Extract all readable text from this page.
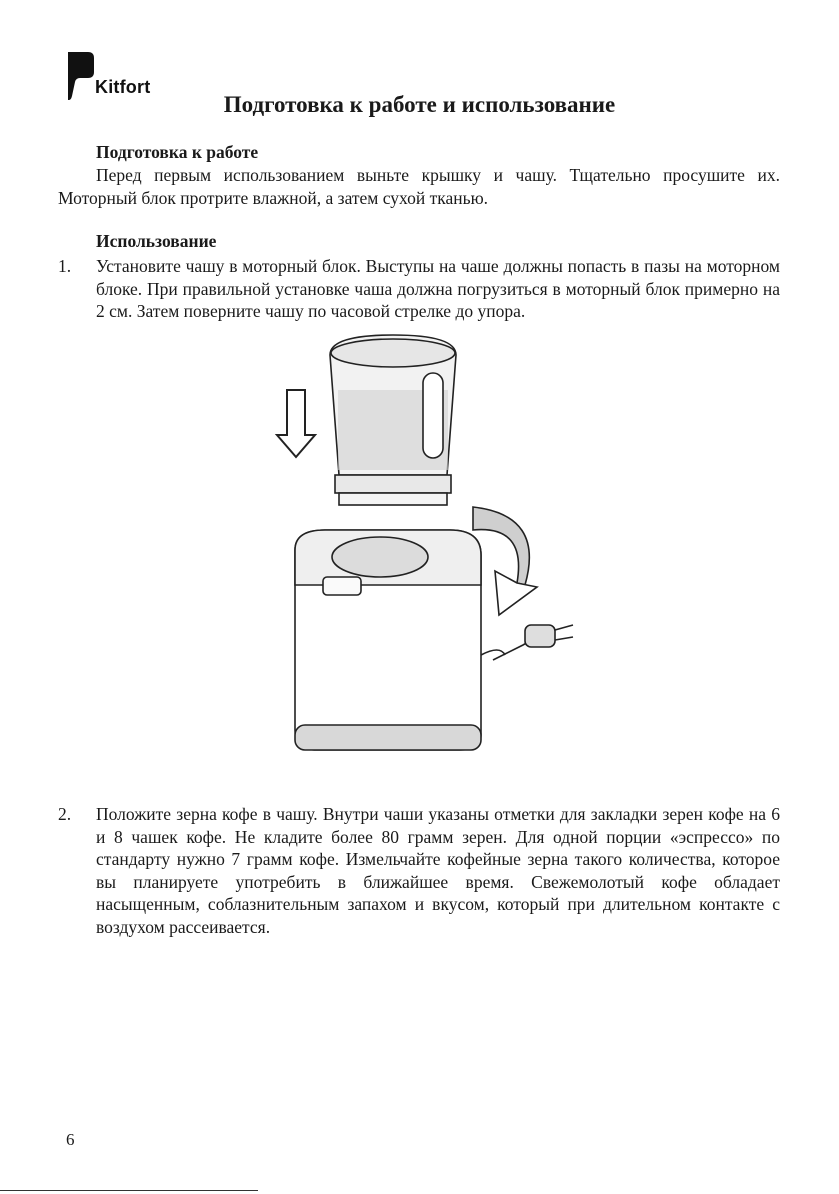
Kitfort
Подготовка к работе и использование
Подготовка к работе
Перед первым использованием выньте крышку и чашу. Тщательно просушите их. Моторный блок протрите влажной, а затем сухой тканью.
Использование
1.	Установите чашу в моторный блок. Выступы на чаше должны попасть в пазы на моторном блоке. При правильной установке чаша должна погрузиться в моторный блок примерно на 2 см. Затем поверните чашу по часовой стрелке до упора.
2.	Положите зерна кофе в чашу. Внутри чаши указаны отметки для закладки зерен кофе на 6 и 8 чашек кофе. Не кладите более 80 грамм зерен. Для одной порции «эспрессо» по стандарту нужно 7 грамм кофе. Измельчайте кофейные зерна такого количества, которое вы планируете употребить в ближайшее время. Свежемолотый кофе обладает насыщенным, соблазнительным запахом и вкусом, который при длительном контакте с воздухом рассеивается.
6
